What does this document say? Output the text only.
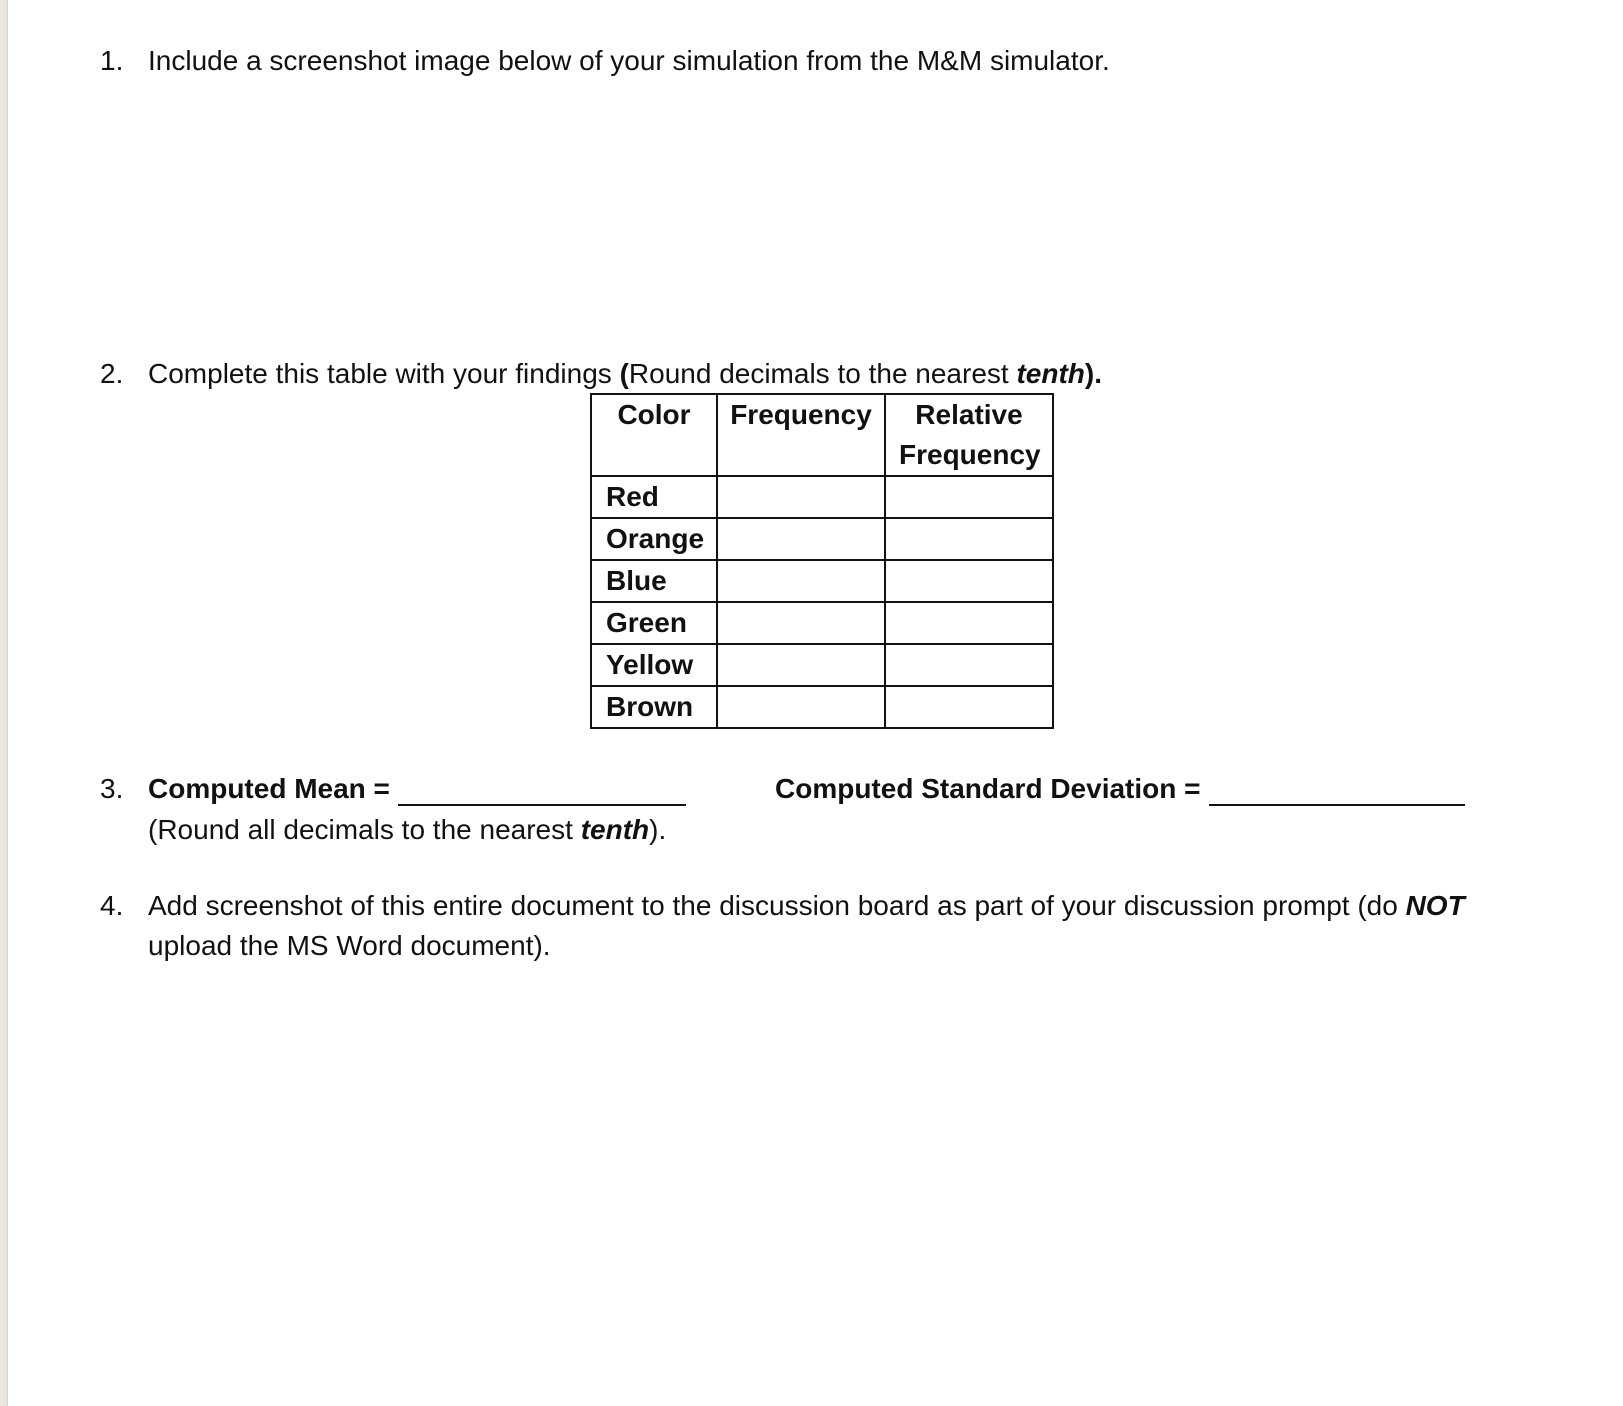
1. Include a screenshot image below of your simulation from the M&M simulator.
2. Complete this table with your findings (Round decimals to the nearest tenth).
Color	Frequency	Relative Frequency
Red		
Orange		
Blue		
Green		
Yellow		
Brown		
3. Computed Mean =	Computed Standard Deviation =
(Round all decimals to the nearest tenth).
4. Add screenshot of this entire document to the discussion board as part of your discussion prompt (do NOT
upload the MS Word document).
